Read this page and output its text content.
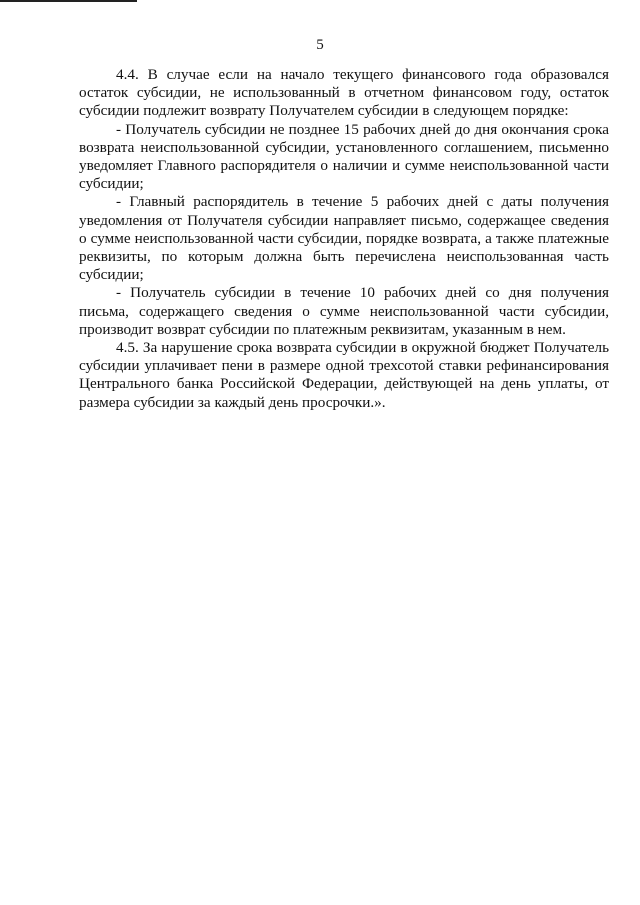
5

4.4. В случае если на начало текущего финансового года образовался остаток субсидии, не использованный в отчетном финансовом году, остаток субсидии подлежит возврату Получателем субсидии в следующем порядке:

- Получатель субсидии не позднее 15 рабочих дней до дня окончания срока возврата неиспользованной субсидии, установленного соглашением, письменно уведомляет Главного распорядителя о наличии и сумме неиспользованной части субсидии;

- Главный распорядитель в течение 5 рабочих дней с даты получения уведомления от Получателя субсидии направляет письмо, содержащее сведения о сумме неиспользованной части субсидии, порядке возврата, а также платежные реквизиты, по которым должна быть перечислена неиспользованная часть субсидии;

- Получатель субсидии в течение 10 рабочих дней со дня получения письма, содержащего сведения о сумме неиспользованной части субсидии, производит возврат субсидии по платежным реквизитам, указанным в нем.

4.5. За нарушение срока возврата субсидии в окружной бюджет Получатель субсидии уплачивает пени в размере одной трехсотой ставки рефинансирования Центрального банка Российской Федерации, действующей на день уплаты, от размера субсидии за каждый день просрочки.».
